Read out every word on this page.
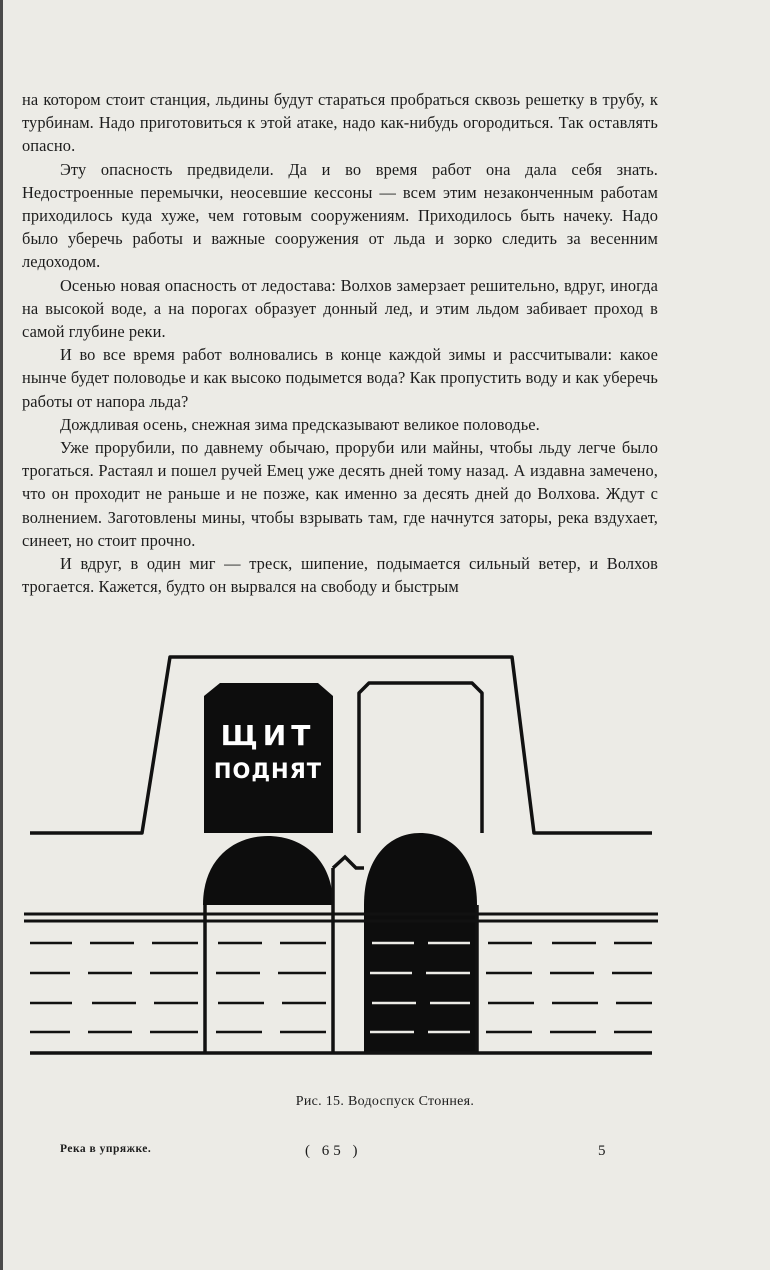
на котором стоит станция, льдины будут стараться пробраться сквозь решетку в трубу, к турбинам. Надо приготовиться к этой атаке, надо как-нибудь огородиться. Так оставлять опасно.

Эту опасность предвидели. Да и во время работ она дала себя знать. Недостроенные перемычки, неосевшие кессоны — всем этим незаконченным работам приходилось куда хуже, чем готовым сооружениям. Приходилось быть начеку. Надо было уберечь работы и важные сооружения от льда и зорко следить за весенним ледоходом.

Осенью новая опасность от ледостава: Волхов замерзает решительно, вдруг, иногда на высокой воде, а на порогах образует донный лед, и этим льдом забивает проход в самой глубине реки.

И во все время работ волновались в конце каждой зимы и рассчитывали: какое нынче будет половодье и как высоко подымется вода? Как пропустить воду и как уберечь работы от напора льда?

Дождливая осень, снежная зима предсказывают великое половодье.

Уже прорубили, по давнему обычаю, проруби или майны, чтобы льду легче было трогаться. Растаял и пошел ручей Емец уже десять дней тому назад. А издавна замечено, что он проходит не раньше и не позже, как именно за десять дней до Волхова. Ждут с волнением. Заготовлены мины, чтобы взрывать там, где начнутся заторы, река вздухает, синеет, но стоит прочно.

И вдруг, в один миг — треск, шипение, подымается сильный ветер, и Волхов трогается. Кажется, будто он вырвался на свободу и быстрым

ЩИТ
ПОДНЯТ
Рис. 15. Водоспуск Стоннея.
Река в упряжке.	( 65 )	5
